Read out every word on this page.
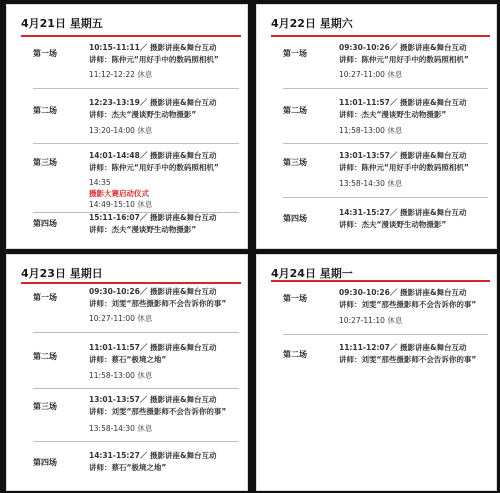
4月21日 星期五
第一场
10:15-11:11／ 摄影讲座&舞台互动
讲师：陈仲元“用好手中的数码照相机”
11:12-12:22 休息
第二场
12:23-13:19／ 摄影讲座&舞台互动
讲师：杰夫“漫谈野生动物摄影”
13:20-14:00 休息
第三场
14:01-14:48／ 摄影讲座&舞台互动
讲师：陈仲元“用好手中的数码照相机”
14:35
摄影大赛启动仪式
14:49-15:10 休息
第四场
15:11-16:07／ 摄影讲座&舞台互动
讲师：杰夫“漫谈野生动物摄影”
4月22日 星期六
第一场
09:30-10:26／ 摄影讲座&舞台互动
讲师：陈仲元“用好手中的数码照相机”
10:27-11:00 休息
第二场
11:01-11:57／ 摄影讲座&舞台互动
讲师：杰夫“漫谈野生动物摄影”
11:58-13:00 休息
第三场
13:01-13:57／ 摄影讲座&舞台互动
讲师：陈仲元“用好手中的数码照相机”
13:58-14:30 休息
第四场
14:31-15:27／ 摄影讲座&舞台互动
讲师：杰夫“漫谈野生动物摄影”
4月23日 星期日
第一场
09:30-10:26／ 摄影讲座&舞台互动
讲师：刘雯“那些摄影师不会告诉你的事”
10:27-11:00 休息
第二场
11:01-11:57／ 摄影讲座&舞台互动
讲师：蔡石“极境之地”
11:58-13:00 休息
第三场
13:01-13:57／ 摄影讲座&舞台互动
讲师：刘雯“那些摄影师不会告诉你的事”
13:58-14:30 休息
第四场
14:31-15:27／ 摄影讲座&舞台互动
讲师：蔡石“极境之地”
4月24日 星期一
第一场
09:30-10:26／ 摄影讲座&舞台互动
讲师：刘雯“那些摄影师不会告诉你的事”
10:27-11:10 休息
第二场
11:11-12:07／ 摄影讲座&舞台互动
讲师：刘雯“那些摄影师不会告诉你的事”
